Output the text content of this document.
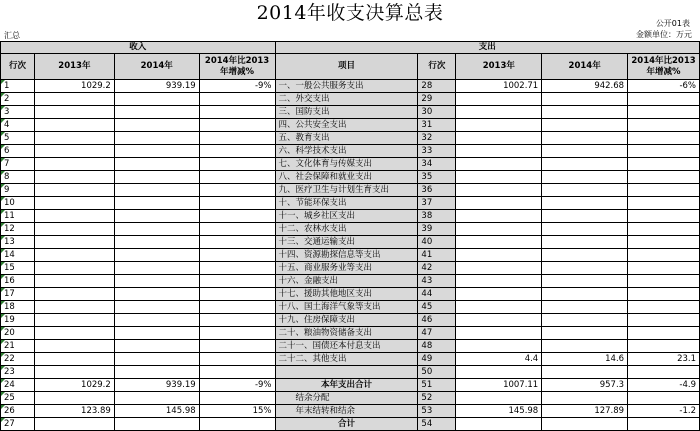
2014年收支决算总表	公开01表
金额单位：万元
汇总
收入				支出				
行次	2013年	2014年	2014年比2013年增减%	项目	行次	2013年	2014年	2014年比2013年增减%
1	1029.2	939.19	-9%	一、一般公共服务支出	28	1002.71	942.68	-6%
2				二、外交支出	29			
3				三、国防支出	30			
4				四、公共安全支出	31			
5				五、教育支出	32			
6				六、科学技术支出	33			
7				七、文化体育与传媒支出	34			
8				八、社会保障和就业支出	35			
9				九、医疗卫生与计划生育支出	36			
10				十、节能环保支出	37			
11				十一、城乡社区支出	38			
12				十二、农林水支出	39			
13				十三、交通运输支出	40			
14				十四、资源勘探信息等支出	41			
15				十五、商业服务业等支出	42			
16				十六、金融支出	43			
17				十七、援助其他地区支出	44			
18				十八、国土海洋气象等支出	45			
19				十九、住房保障支出	46			
20				二十、粮油物资储备支出	47			
21				二十一、国债还本付息支出	48			
22				二十二、其他支出	49	4.4	14.6	23.1
23					50			
24	1029.2	939.19	-9%	本年支出合计	51	1007.11	957.3	-4.9
25				结余分配	52			
26	123.89	145.98	15%	年末结转和结余	53	145.98	127.89	-1.2
27				合计	54			
